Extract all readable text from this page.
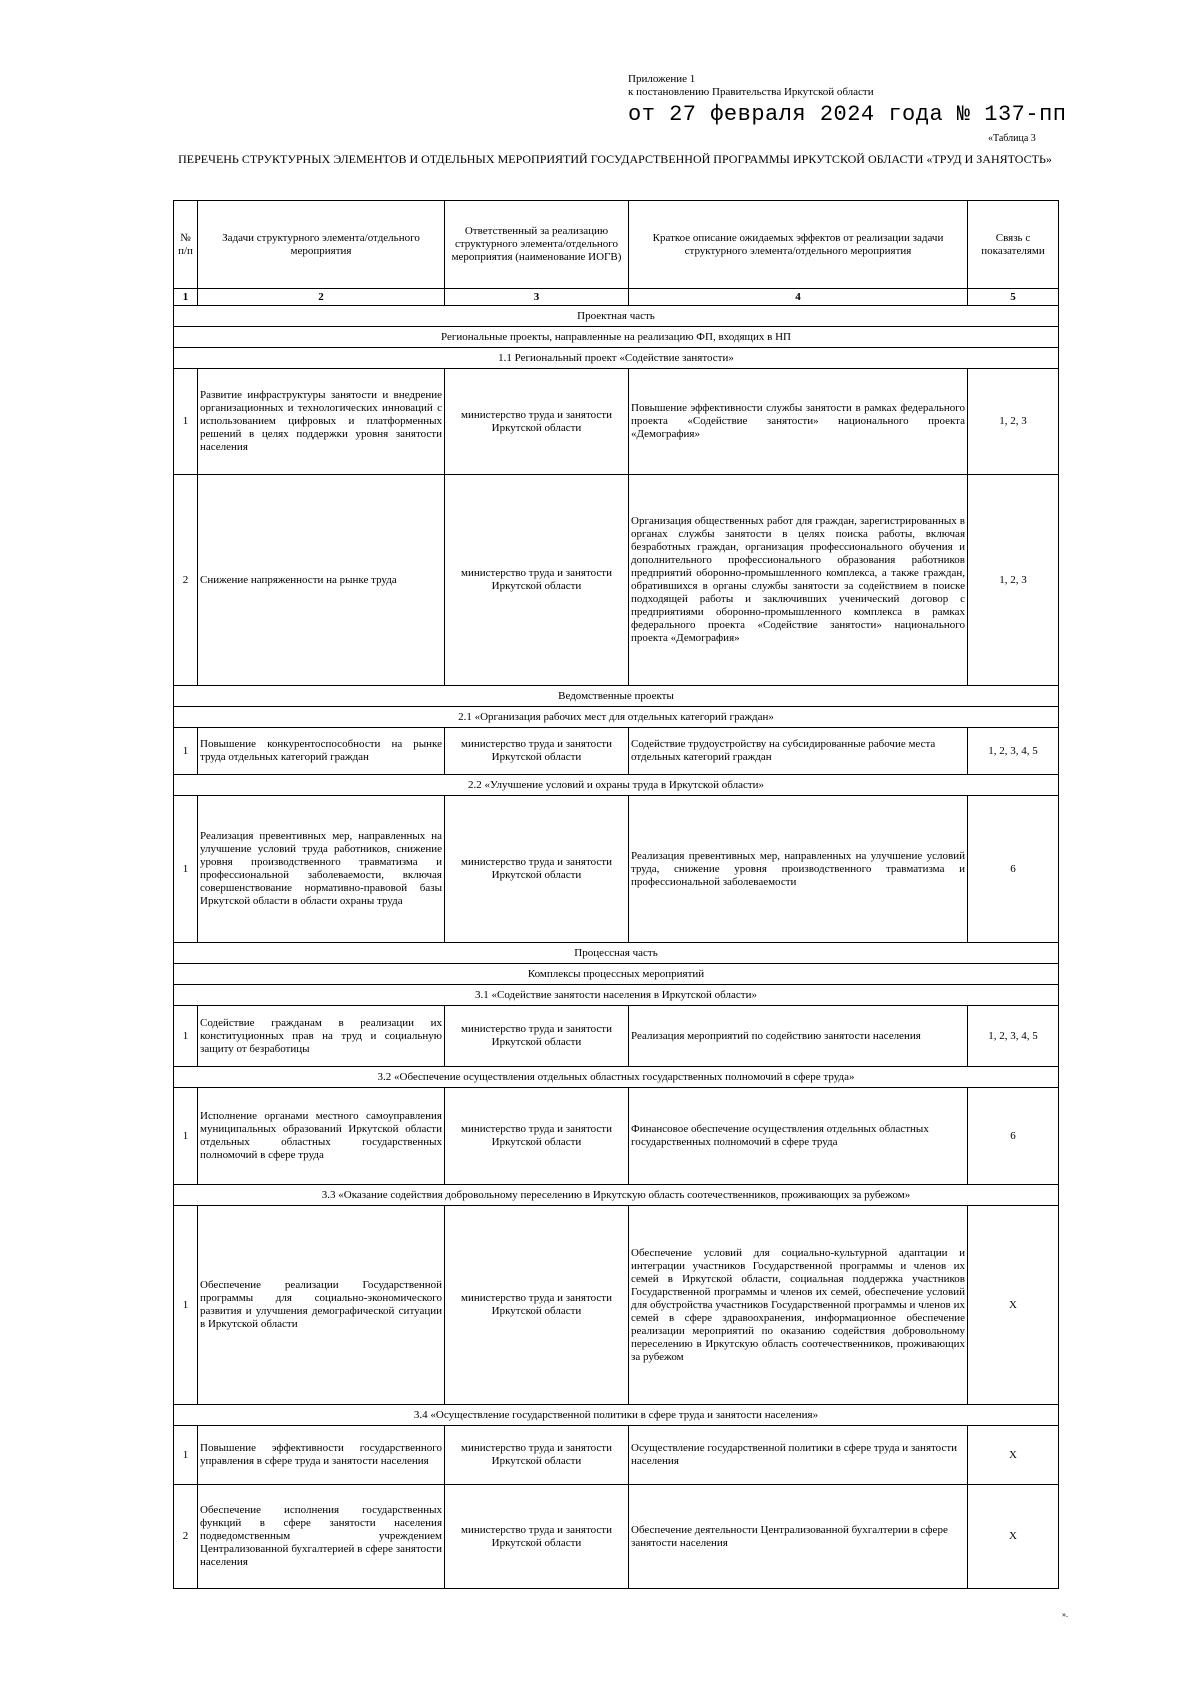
Приложение 1
к постановлению Правительства Иркутской области
от 27 февраля 2024 года № 137-пп
«Таблица 3
ПЕРЕЧЕНЬ СТРУКТУРНЫХ ЭЛЕМЕНТОВ И ОТДЕЛЬНЫХ МЕРОПРИЯТИЙ ГОСУДАРСТВЕННОЙ ПРОГРАММЫ ИРКУТСКОЙ ОБЛАСТИ «ТРУД И ЗАНЯТОСТЬ»
№ п/п	Задачи структурного элемента/отдельного мероприятия	Ответственный за реализацию структурного элемента/отдельного мероприятия (наименование ИОГВ)	Краткое описание ожидаемых эффектов от реализации задачи структурного элемента/отдельного мероприятия	Связь с показателями
1	2	3	4	5
Проектная часть				
Региональные проекты, направленные на реализацию ФП, входящих в НП				
1.1 Региональный проект «Содействие занятости»				
1	Развитие инфраструктуры занятости и внедрение организационных и технологических инноваций с использованием цифровых и платформенных решений в целях поддержки уровня занятости населения	министерство труда и занятости Иркутской области	Повышение эффективности службы занятости в рамках федерального проекта «Содействие занятости» национального проекта «Демография»	1, 2, 3
2	Снижение напряженности на рынке труда	министерство труда и занятости Иркутской области	Организация общественных работ для граждан, зарегистрированных в органах службы занятости в целях поиска работы, включая безработных граждан, организация профессионального обучения и дополнительного профессионального образования работников предприятий оборонно-промышленного комплекса, а также граждан, обратившихся в органы службы занятости за содействием в поиске подходящей работы и заключивших ученический договор с предприятиями оборонно-промышленного комплекса в рамках федерального проекта «Содействие занятости» национального проекта «Демография»	1, 2, 3
Ведомственные проекты				
2.1 «Организация рабочих мест для отдельных категорий граждан»				
1	Повышение конкурентоспособности на рынке труда отдельных категорий граждан	министерство труда и занятости Иркутской области	Содействие трудоустройству на субсидированные рабочие места отдельных категорий граждан	1, 2, 3, 4, 5
2.2 «Улучшение условий и охраны труда в Иркутской области»				
1	Реализация превентивных мер, направленных на улучшение условий труда работников, снижение уровня производственного травматизма и профессиональной заболеваемости, включая совершенствование нормативно-правовой базы Иркутской области в области охраны труда	министерство труда и занятости Иркутской области	Реализация превентивных мер, направленных на улучшение условий труда, снижение уровня производственного травматизма и профессиональной заболеваемости	6
Процессная часть				
Комплексы процессных мероприятий				
3.1 «Содействие занятости населения в Иркутской области»				
1	Содействие гражданам в реализации их конституционных прав на труд и социальную защиту от безработицы	министерство труда и занятости Иркутской области	Реализация мероприятий по содействию занятости населения	1, 2, 3, 4, 5
3.2 «Обеспечение осуществления отдельных областных государственных полномочий в сфере труда»				
1	Исполнение органами местного самоуправления муниципальных образований Иркутской области отдельных областных государственных полномочий в сфере труда	министерство труда и занятости Иркутской области	Финансовое обеспечение осуществления отдельных областных государственных полномочий в сфере труда	6
3.3 «Оказание содействия добровольному переселению в Иркутскую область соотечественников, проживающих за рубежом»				
1	Обеспечение реализации Государственной программы для социально-экономического развития и улучшения демографической ситуации в Иркутской области	министерство труда и занятости Иркутской области	Обеспечение условий для социально-культурной адаптации и интеграции участников Государственной программы и членов их семей в Иркутской области, социальная поддержка участников Государственной программы и членов их семей, обеспечение условий для обустройства участников Государственной программы и членов их семей в сфере здравоохранения, информационное обеспечение реализации мероприятий по оказанию содействия добровольному переселению в Иркутскую область соотечественников, проживающих за рубежом	X
3.4 «Осуществление государственной политики в сфере труда и занятости населения»				
1	Повышение эффективности государственного управления в сфере труда и занятости населения	министерство труда и занятости Иркутской области	Осуществление государственной политики в сфере труда и занятости населения	X
2	Обеспечение исполнения государственных функций в сфере занятости населения подведомственным учреждением Централизованной бухгалтерией в сфере занятости населения	министерство труда и занятости Иркутской области	Обеспечение деятельности Централизованной бухгалтерии в сфере занятости населения	X
».
